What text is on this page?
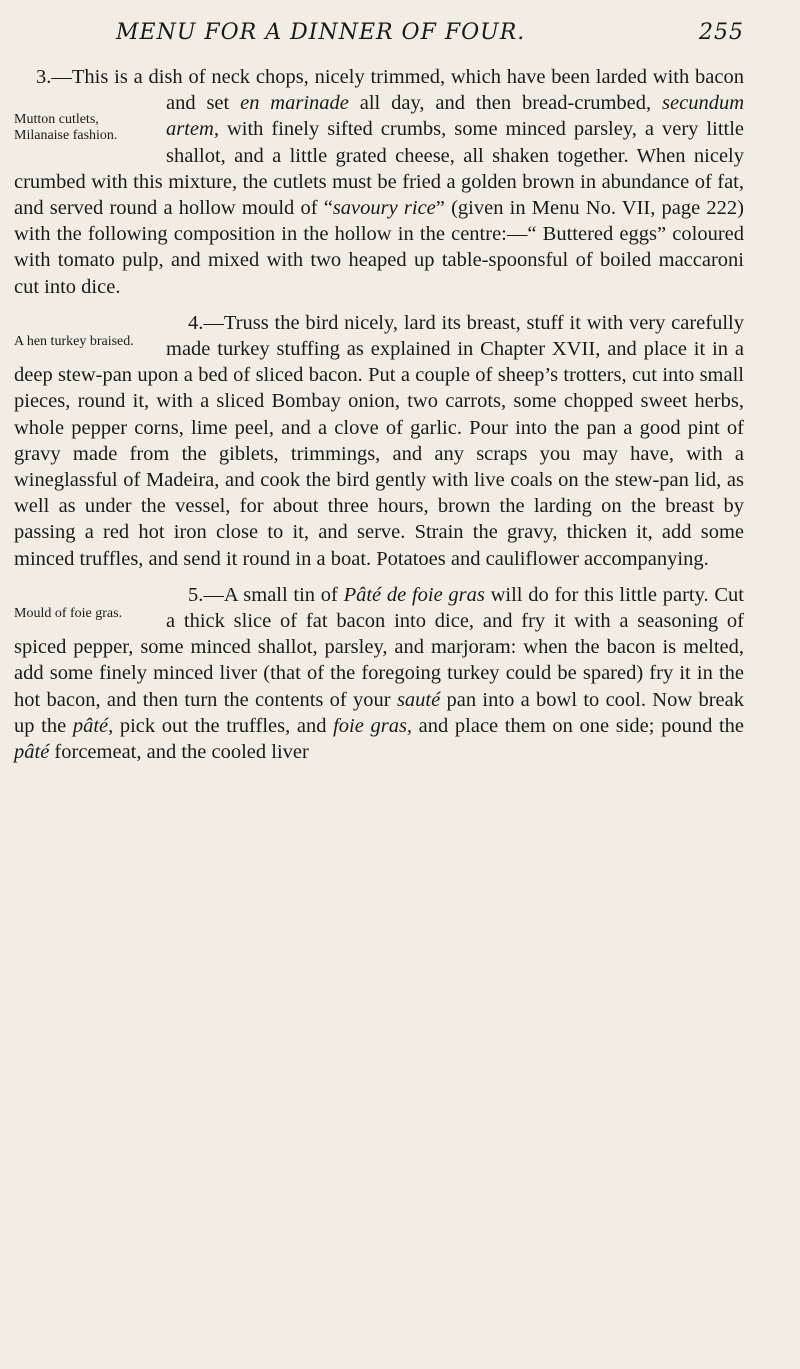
MENU FOR A DINNER OF FOUR.	255

3.—This is a dish of neck chops, nicely trimmed, which have been larded with bacon and set
Mutton cutlets, Milanaise fashion.
en marinade all day, and then bread-crumbed, secundum artem, with finely sifted crumbs, some minced parsley, a very little shallot, and a little grated cheese, all shaken together. When nicely crumbed with this mixture, the cutlets must be fried a golden brown in abundance of fat, and served round a hollow mould of “savoury rice” (given in Menu No. VII, page 222) with the following composition in the hollow in the centre:—“ Buttered eggs” coloured with tomato pulp, and mixed with two heaped up table-spoonsful of boiled maccaroni cut into dice.

4.
A hen turkey braised.
—Truss the bird nicely, lard its breast, stuff it with very carefully made turkey stuffing as explained in Chapter XVII, and place it in a deep stew-pan upon a bed of sliced bacon. Put a couple of sheep’s trotters, cut into small pieces, round it, with a sliced Bombay onion, two carrots, some chopped sweet herbs, whole pepper corns, lime peel, and a clove of garlic. Pour into the pan a good pint of gravy made from the giblets, trimmings, and any scraps you may have, with a wineglassful of Madeira, and cook the bird gently with live coals on the stew-pan lid, as well as under the vessel, for about three hours, brown the larding on the breast by passing a red hot iron close to it, and serve. Strain the gravy, thicken it, add some minced truffles, and send it round in a boat. Potatoes and cauliflower accompanying.

5.—A small tin of Pâté de foie gras
Mould of foie gras.
will do for this little party. Cut a thick slice of fat bacon into dice, and fry it with a seasoning of spiced pepper, some minced shallot, parsley, and marjoram: when the bacon is melted, add some finely minced liver (that of the foregoing turkey could be spared) fry it in the hot bacon, and then turn the contents of your sauté pan into a bowl to cool. Now break up the pâté, pick out the truffles, and foie gras, and place them on one side; pound the pâté forcemeat, and the cooled liver
